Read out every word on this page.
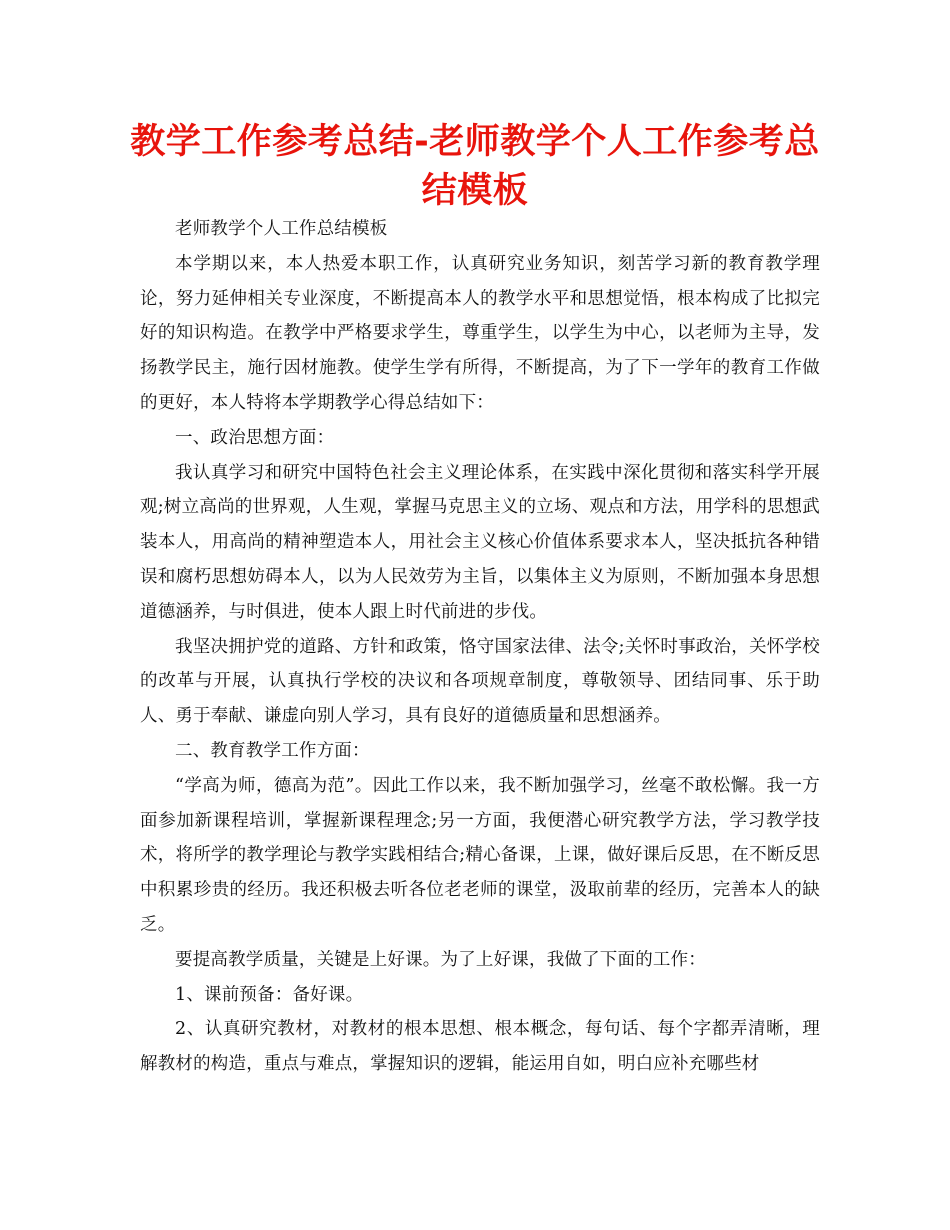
教学工作参考总结-老师教学个人工作参考总结模板

老师教学个人工作总结模板

本学期以来，本人热爱本职工作，认真研究业务知识，刻苦学习新的教育教学理论，努力延伸相关专业深度，不断提高本人的教学水平和思想觉悟，根本构成了比拟完好的知识构造。在教学中严格要求学生，尊重学生，以学生为中心，以老师为主导，发扬教学民主，施行因材施教。使学生学有所得，不断提高，为了下一学年的教育工作做的更好，本人特将本学期教学心得总结如下：

一、政治思想方面：

我认真学习和研究中国特色社会主义理论体系，在实践中深化贯彻和落实科学开展观;树立高尚的世界观，人生观，掌握马克思主义的立场、观点和方法，用学科的思想武装本人，用高尚的精神塑造本人，用社会主义核心价值体系要求本人，坚决抵抗各种错误和腐朽思想妨碍本人，以为人民效劳为主旨，以集体主义为原则，不断加强本身思想道德涵养，与时俱进，使本人跟上时代前进的步伐。

我坚决拥护党的道路、方针和政策，恪守国家法律、法令;关怀时事政治，关怀学校的改革与开展，认真执行学校的决议和各项规章制度，尊敬领导、团结同事、乐于助人、勇于奉献、谦虚向别人学习，具有良好的道德质量和思想涵养。

二、教育教学工作方面：

“学高为师，德高为范”。因此工作以来，我不断加强学习，丝毫不敢松懈。我一方面参加新课程培训，掌握新课程理念;另一方面，我便潜心研究教学方法，学习教学技术，将所学的教学理论与教学实践相结合;精心备课，上课，做好课后反思，在不断反思中积累珍贵的经历。我还积极去听各位老老师的课堂，汲取前辈的经历，完善本人的缺乏。

要提高教学质量，关键是上好课。为了上好课，我做了下面的工作：

1、课前预备：备好课。

2、认真研究教材，对教材的根本思想、根本概念，每句话、每个字都弄清晰，理解教材的构造，重点与难点，掌握知识的逻辑，能运用自如，明白应补充哪些材
